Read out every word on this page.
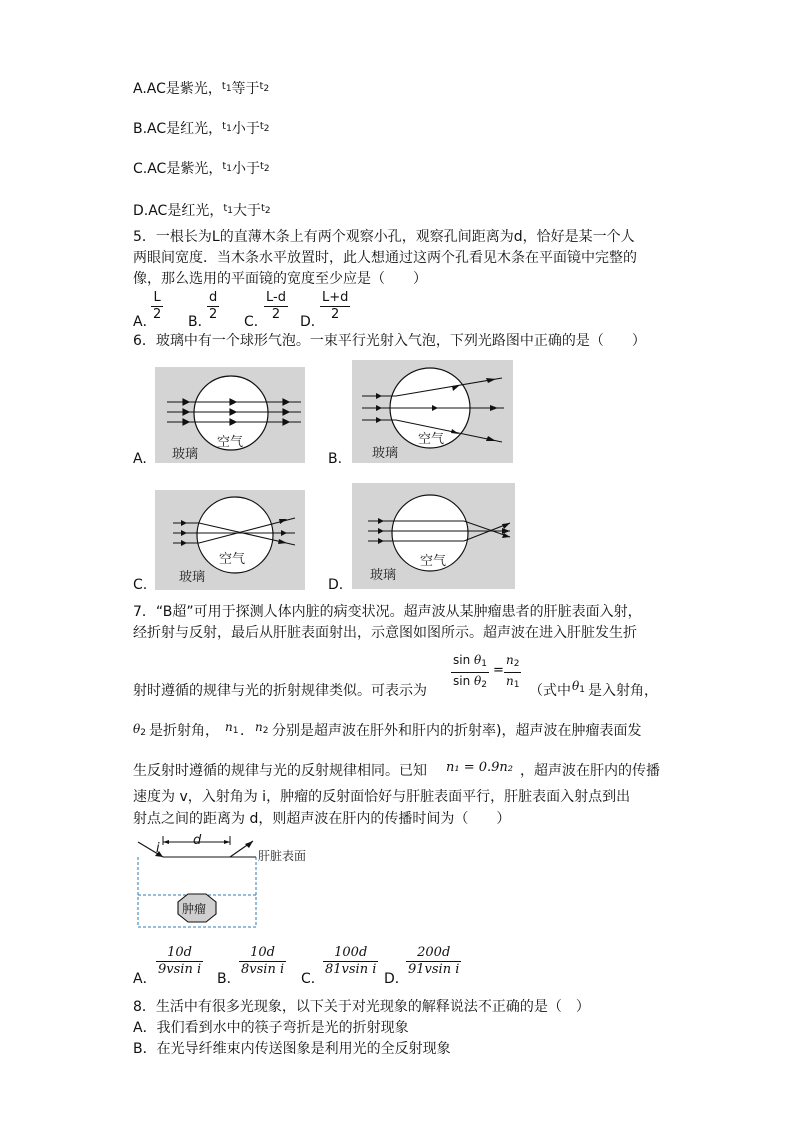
A.AC是紫光，$^{t1}$等于$^{t2}$
B.AC是红光，$^{t1}$小于$^{t2}$
C.AC是紫光，$^{t1}$小于$^{t2}$
D.AC是红光，$^{t1}$大于$^{t2}$
5．一根长为L的直薄木条上有两个观察小孔，观察孔间距离为d，恰好是某一个人
两眼间宽度．当木条水平放置时，此人想通过这两个孔看见木条在平面镜中完整的
像，那么选用的平面镜的宽度至少应是（　　）
A．
$\frac{L}{2}$ B．
$\frac{d}{2}$ C．
$\frac{L-d}{2}$ D．
$\frac{L+d}{2}$
6．玻璃中有一个球形气泡。一束平行光射入气泡，下列光路图中正确的是（　　）
空气
玻璃
A.
空气
玻璃
B.
空气
玻璃
C.
空气
玻璃
D.
7．“B超”可用于探测人体内脏的病变状况。超声波从某肿瘤患者的肝脏表面入射，
经折射与反射，最后从肝脏表面射出，示意图如图所示。超声波在进入肝脏发生折
射时遵循的规律与光的折射规律类似。可表示为 $\frac{\sin \theta_1}{\sin \theta_2} = \frac{n_2}{n_1}$ （式中 $\theta_1$ 是入射角，
$\theta_2$ 是折射角， $n_1$ ． $n_2$ 分别是超声波在肝外和肝内的折射率)，超声波在肿瘤表面发
生反射时遵循的规律与光的反射规律相同。已知 n₁ = 0.9n₂ ，超声波在肝内的传播
速度为 v，入射角为 i，肿瘤的反射面恰好与肝脏表面平行，肝脏表面入射点到出
射点之间的距离为 d，则超声波在肝内的传播时间为（　　）
i
d
肝脏表面
肿瘤
A．
$\frac{10d}{\text{9vsin i}}$
B．
$\frac{10d}{\text{8vsin i}}$
C．
$\frac{100d}{\text{81vsin i}}$
D．
$\frac{200d}{\text{91vsin i}}$
8．生活中有很多光现象，以下关于对光现象的解释说法不正确的是（　）
A．我们看到水中的筷子弯折是光的折射现象
B．在光导纤维束内传送图象是利用光的全反射现象
